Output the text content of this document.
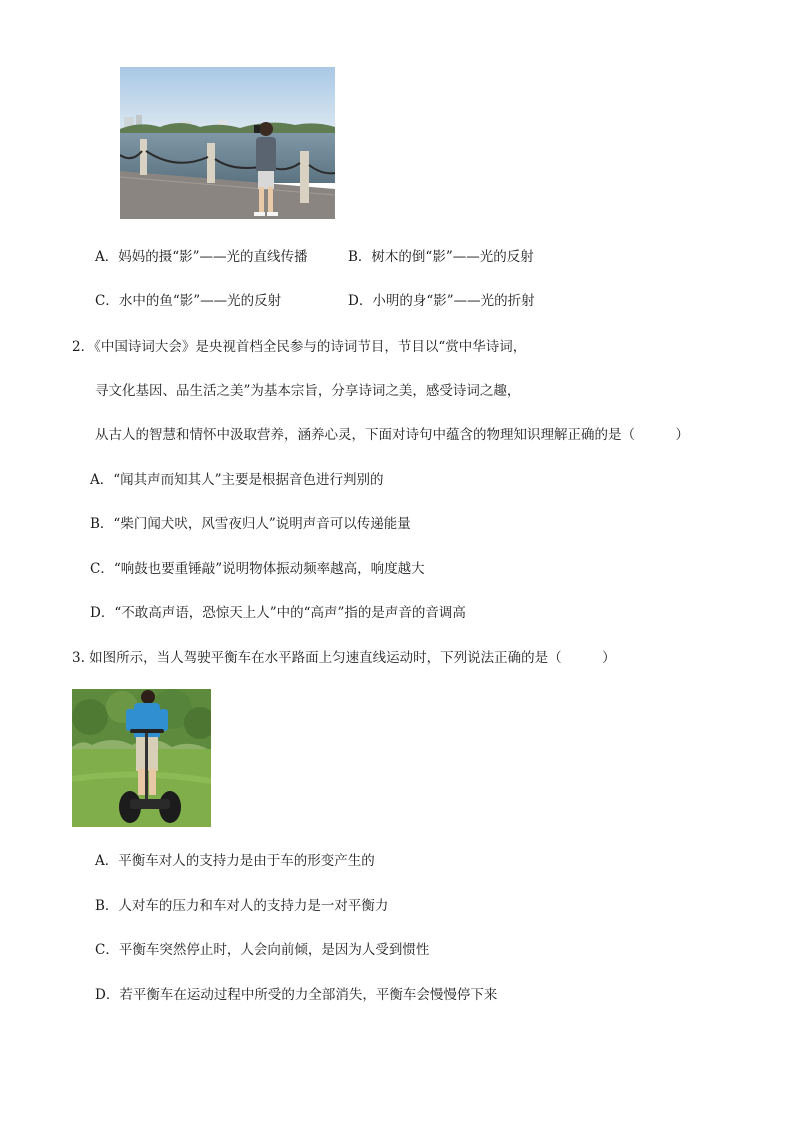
A．妈妈的摄“影”——光的直线传播	B．树木的倒“影”——光的反射
C．水中的鱼“影”——光的反射	D．小明的身“影”——光的折射
2．《中国诗词大会》是央视首档全民参与的诗词节目，节目以“赏中华诗词，
寻文化基因、品生活之美”为基本宗旨，分享诗词之美，感受诗词之趣，
从古人的智慧和情怀中汲取营养，涵养心灵，下面对诗句中蕴含的物理知识理解正确的是（　　　）
A．“闻其声而知其人”主要是根据音色进行判别的
B．“柴门闻犬吠，风雪夜归人”说明声音可以传递能量
C．“响鼓也要重锤敲”说明物体振动频率越高，响度越大
D．“不敢高声语，恐惊天上人”中的“高声”指的是声音的音调高
3. 如图所示，当人驾驶平衡车在水平路面上匀速直线运动时，下列说法正确的是（　　　）
A．平衡车对人的支持力是由于车的形变产生的
B．人对车的压力和车对人的支持力是一对平衡力
C．平衡车突然停止时，人会向前倾，是因为人受到惯性
D．若平衡车在运动过程中所受的力全部消失，平衡车会慢慢停下来
